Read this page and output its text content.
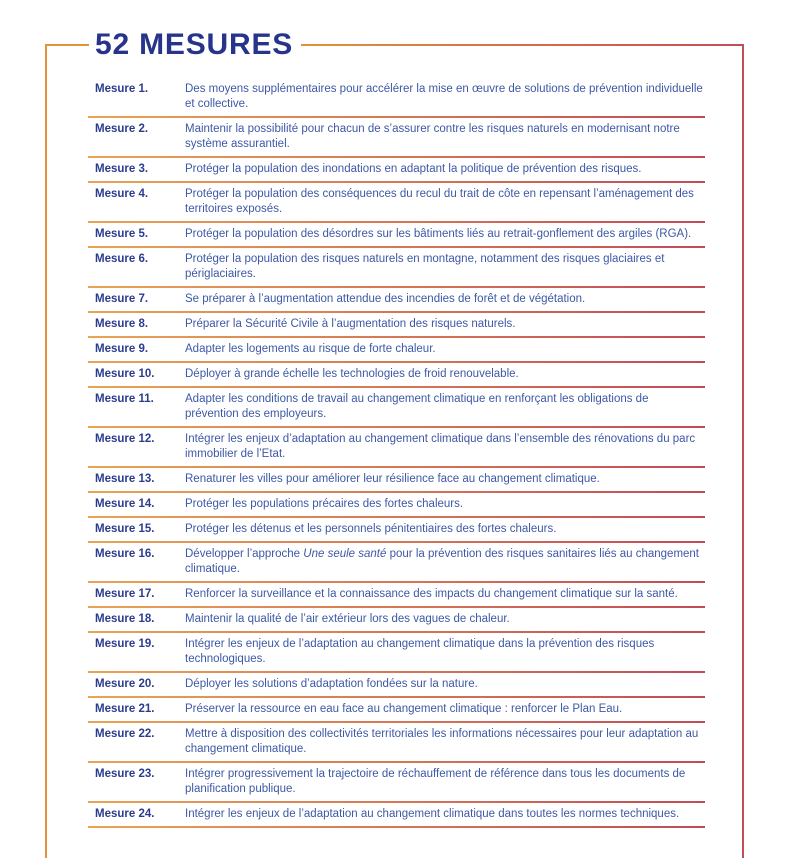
52 MESURES
Mesure 1.	Des moyens supplémentaires pour accélérer la mise en œuvre de solutions de prévention individuelle et collective.
Mesure 2.	Maintenir la possibilité pour chacun de s’assurer contre les risques naturels en modernisant notre système assurantiel.
Mesure 3.	Protéger la population des inondations en adaptant la politique de prévention des risques.
Mesure 4.	Protéger la population des conséquences du recul du trait de côte en repensant l’aménagement des territoires exposés.
Mesure 5.	Protéger la population des désordres sur les bâtiments liés au retrait-gonflement des argiles (RGA).
Mesure 6.	Protéger la population des risques naturels en montagne, notamment des risques glaciaires et périglaciaires.
Mesure 7.	Se préparer à l’augmentation attendue des incendies de forêt et de végétation.
Mesure 8.	Préparer la Sécurité Civile à l’augmentation des risques naturels.
Mesure 9.	Adapter les logements au risque de forte chaleur.
Mesure 10.	Déployer à grande échelle les technologies de froid renouvelable.
Mesure 11.	Adapter les conditions de travail au changement climatique en renforçant les obligations de prévention des employeurs.
Mesure 12.	Intégrer les enjeux d’adaptation au changement climatique dans l’ensemble des rénovations du parc immobilier de l’Etat.
Mesure 13.	Renaturer les villes pour améliorer leur résilience face au changement climatique.
Mesure 14.	Protéger les populations précaires des fortes chaleurs.
Mesure 15.	Protéger les détenus et les personnels pénitentiaires des fortes chaleurs.
Mesure 16.	Développer l’approche Une seule santé pour la prévention des risques sanitaires liés au changement climatique.
Mesure 17.	Renforcer la surveillance et la connaissance des impacts du changement climatique sur la santé.
Mesure 18.	Maintenir la qualité de l’air extérieur lors des vagues de chaleur.
Mesure 19.	Intégrer les enjeux de l’adaptation au changement climatique dans la prévention des risques technologiques.
Mesure 20.	Déployer les solutions d’adaptation fondées sur la nature.
Mesure 21.	Préserver la ressource en eau face au changement climatique : renforcer le Plan Eau.
Mesure 22.	Mettre à disposition des collectivités territoriales les informations nécessaires pour leur adaptation au changement climatique.
Mesure 23.	Intégrer progressivement la trajectoire de réchauffement de référence dans tous les documents de planification publique.
Mesure 24.	Intégrer les enjeux de l’adaptation au changement climatique dans toutes les normes techniques.
